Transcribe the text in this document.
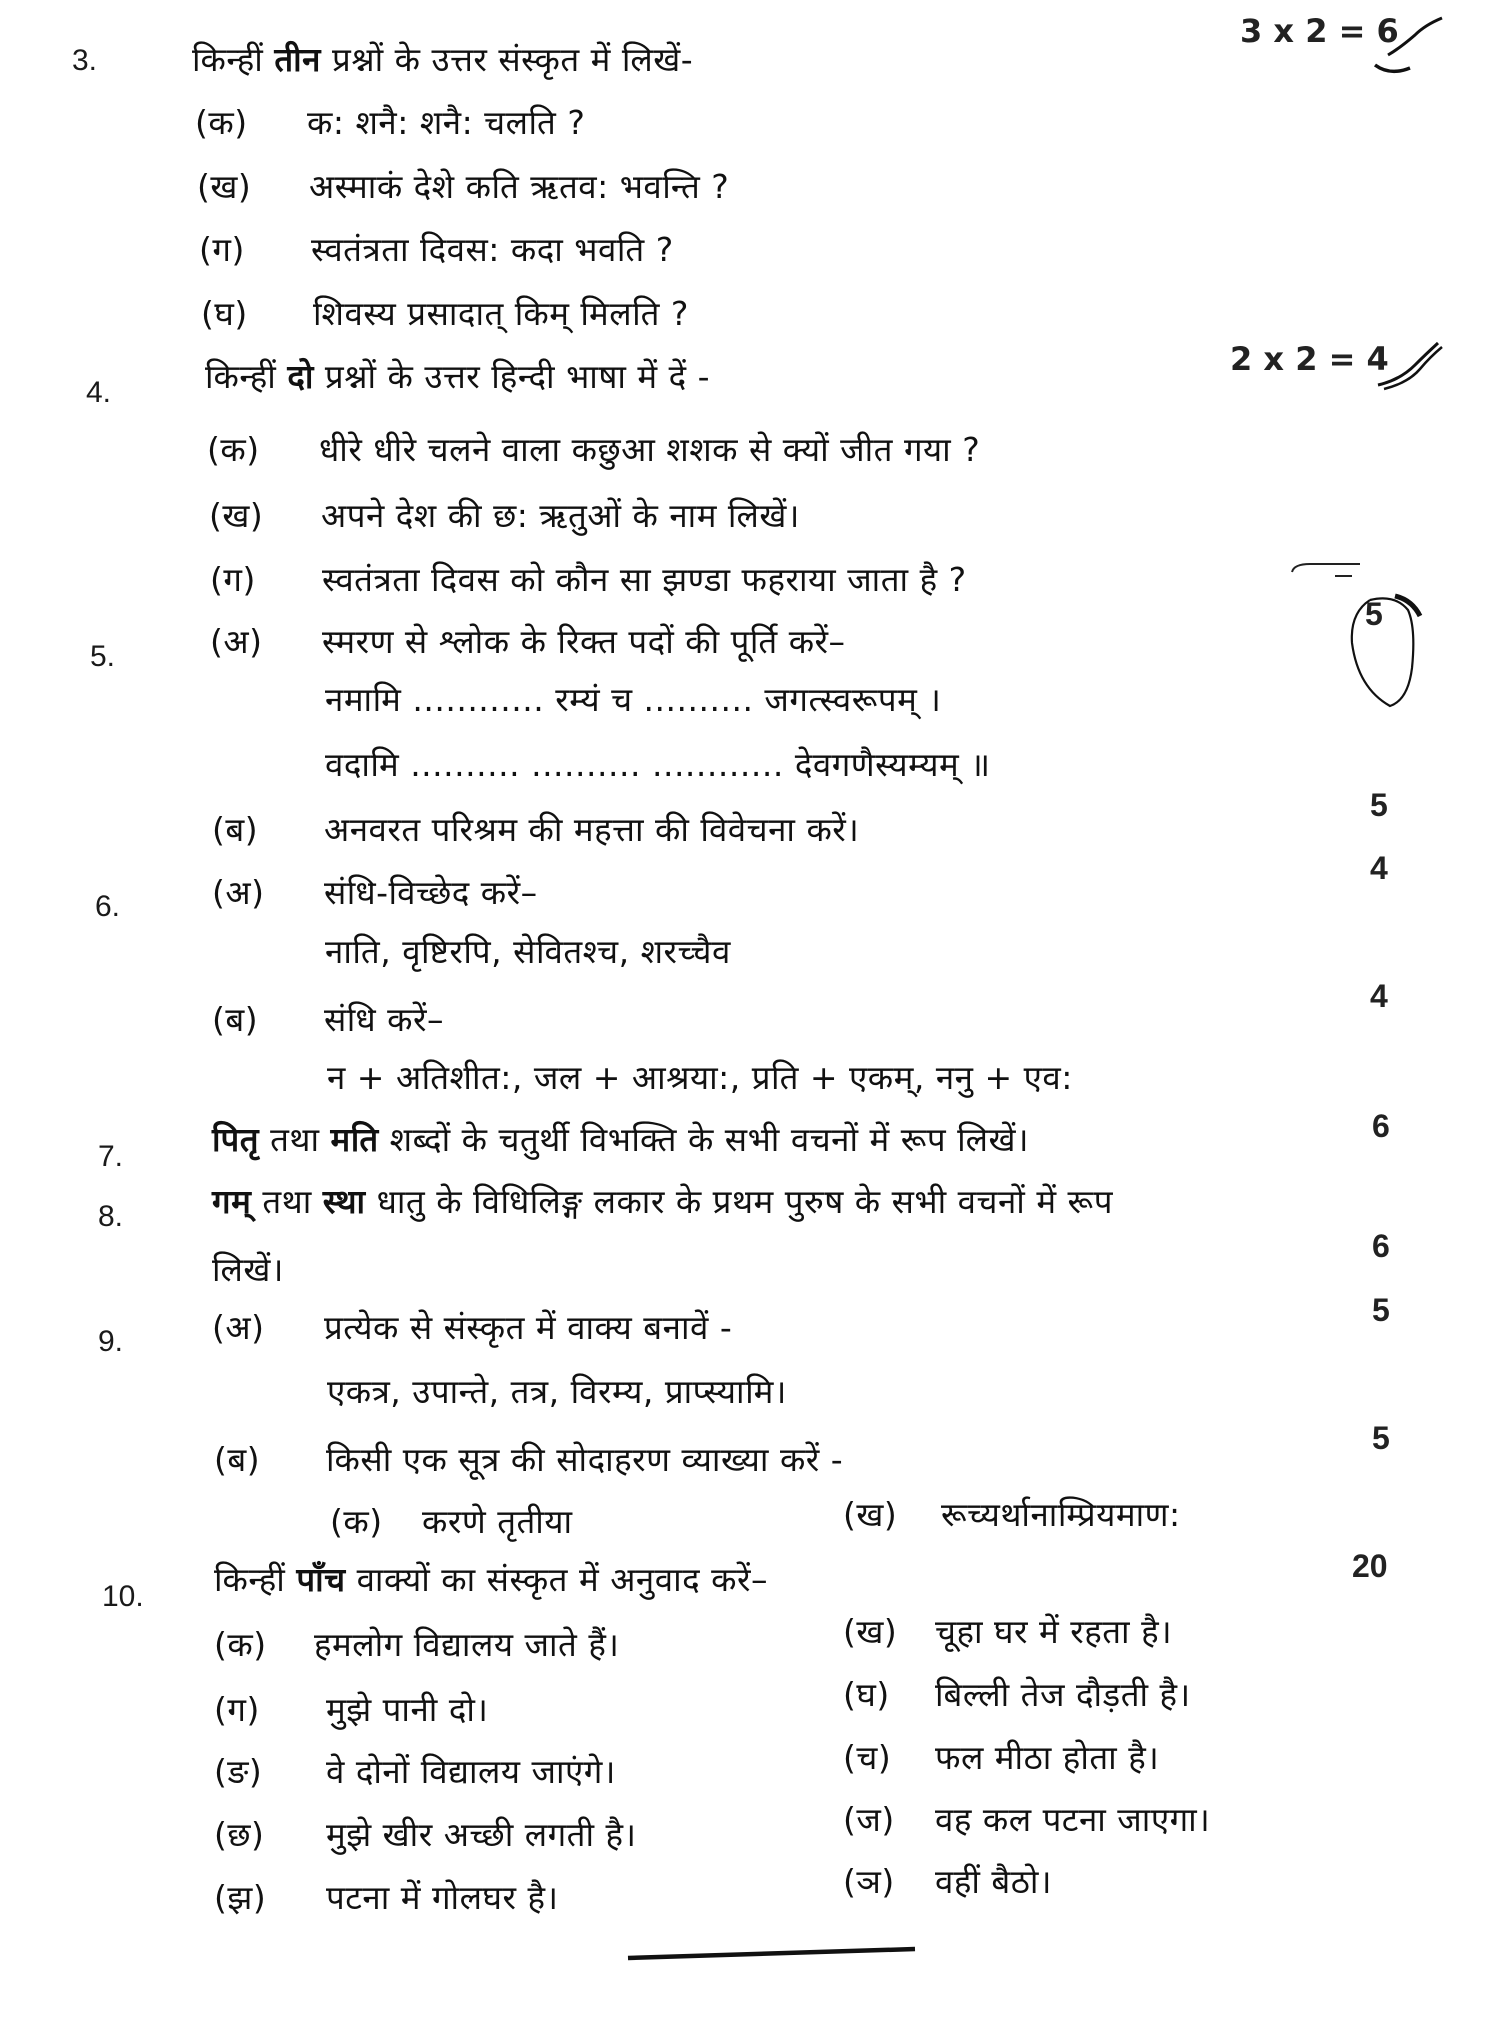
3.	किन्हीं तीन प्रश्नों के उत्तर संस्कृत में लिखें-
3 x 2 = 6
(क) क: शनै: शनै: चलति ?
(ख) अस्माकं देशे कति ऋतव: भवन्ति ?
(ग) स्वतंत्रता दिवस: कदा भवति ?
(घ) शिवस्य प्रसादात् किम् मिलति ?
4.	किन्हीं दो प्रश्नों के उत्तर हिन्दी भाषा में दें -	2 x 2 = 4
(क) धीरे धीरे चलने वाला कछुआ शशक से क्यों जीत गया ?
(ख) अपने देश की छ: ऋतुओं के नाम लिखें।
(ग) स्वतंत्रता दिवस को कौन सा झण्डा फहराया जाता है ?
5.	(अ) स्मरण से श्लोक के रिक्त पदों की पूर्ति करें–
5
नमामि ............ रम्यं च .......... जगत्स्वरूपम् ।
वदामि .......... .......... ............ देवगणैस्यम्यम् ॥
(ब) अनवरत परिश्रम की महत्ता की विवेचना करें।
5
6.	(अ) संधि-विच्छेद करें–
4
नाति, वृष्टिरपि, सेवितश्च, शरच्चैव
(ब) संधि करें–
4
न + अतिशीत:, जल + आश्रया:, प्रति + एकम्, ननु + एव:
7.	पितृ तथा मति शब्दों के चतुर्थी विभक्ति के सभी वचनों में रूप लिखें।	6
8.	गम् तथा स्था धातु के विधिलिङ्ग लकार के प्रथम पुरुष के सभी वचनों में रूप
लिखें।
6
9.	(अ) प्रत्येक से संस्कृत में वाक्य बनावें -	5
एकत्र, उपान्ते, तत्र, विरम्य, प्राप्स्यामि।
(ब) किसी एक सूत्र की सोदाहरण व्याख्या करें -
5
(क) करणे तृतीया	(ख) रूच्यर्थानाम्प्रियमाण:
10. किन्हीं पाँच वाक्यों का संस्कृत में अनुवाद करें–	20
(क) हमलोग विद्यालय जाते हैं।
(ग) मुझे पानी दो।
(ङ) वे दोनों विद्यालय जाएंगे।
(छ) मुझे खीर अच्छी लगती है।
(झ) पटना में गोलघर है।
(ख) चूहा घर में रहता है।
(घ) बिल्ली तेज दौड़ती है।
(च) फल मीठा होता है।
(ज) वह कल पटना जाएगा।
(ञ) वहीं बैठो।
